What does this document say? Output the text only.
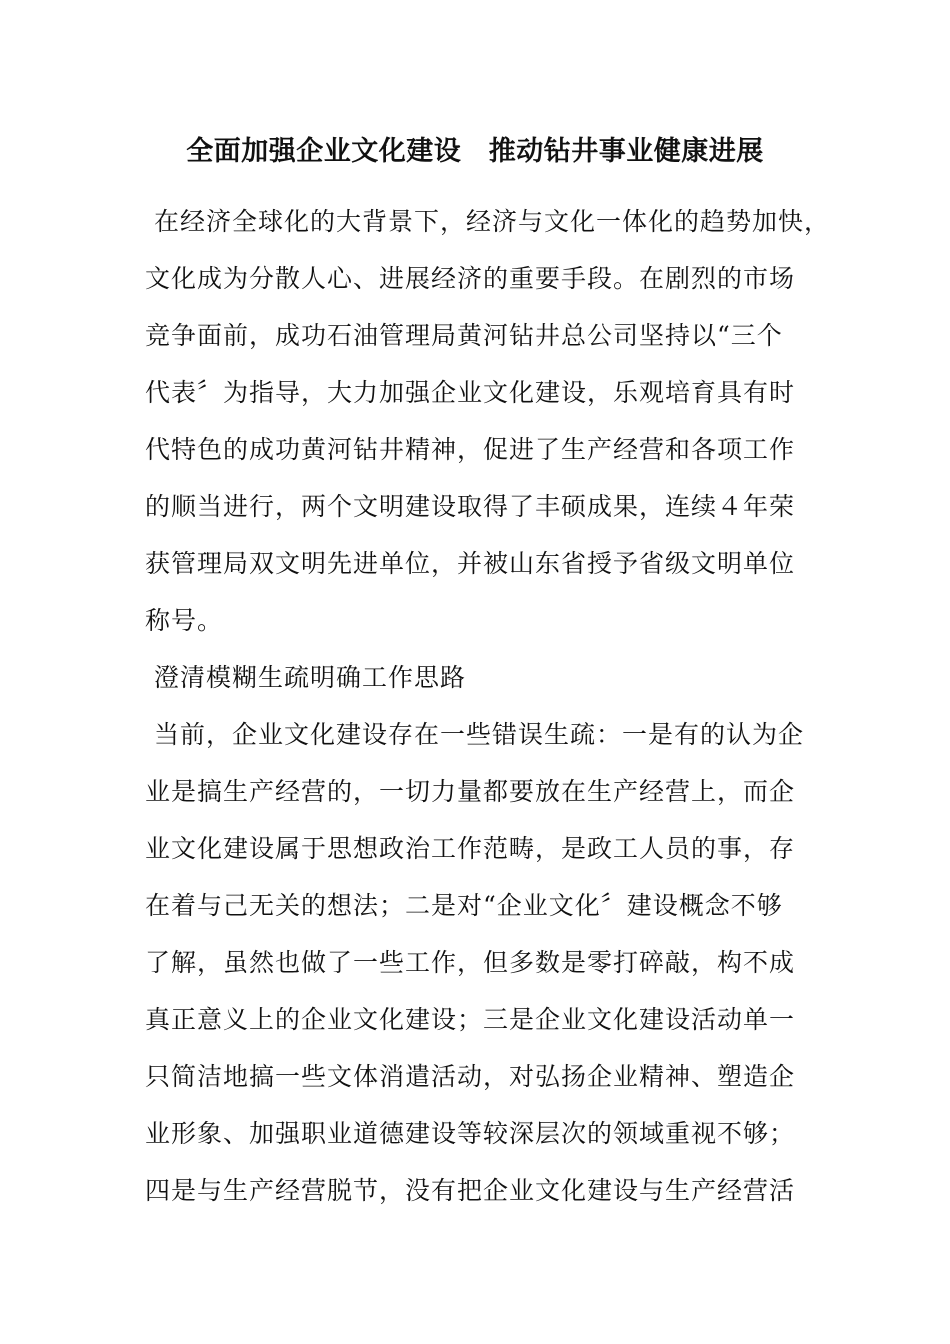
全面加强企业文化建设　推动钻井事业健康进展
在经济全球化的大背景下，经济与文化一体化的趋势加快，
文化成为分散人心、进展经济的重要手段。在剧烈的市场
竞争面前，成功石油管理局黄河钻井总公司坚持以“三个
代表〞为指导，大力加强企业文化建设，乐观培育具有时
代特色的成功黄河钻井精神，促进了生产经营和各项工作
的顺当进行，两个文明建设取得了丰硕成果，连续４年荣
获管理局双文明先进单位，并被山东省授予省级文明单位
称号。
澄清模糊生疏明确工作思路
当前，企业文化建设存在一些错误生疏：一是有的认为企
业是搞生产经营的，一切力量都要放在生产经营上，而企
业文化建设属于思想政治工作范畴，是政工人员的事，存
在着与己无关的想法；二是对“企业文化〞建设概念不够
了解，虽然也做了一些工作，但多数是零打碎敲，构不成
真正意义上的企业文化建设；三是企业文化建设活动单一
只简洁地搞一些文体消遣活动，对弘扬企业精神、塑造企
业形象、加强职业道德建设等较深层次的领域重视不够；
四是与生产经营脱节，没有把企业文化建设与生产经营活
